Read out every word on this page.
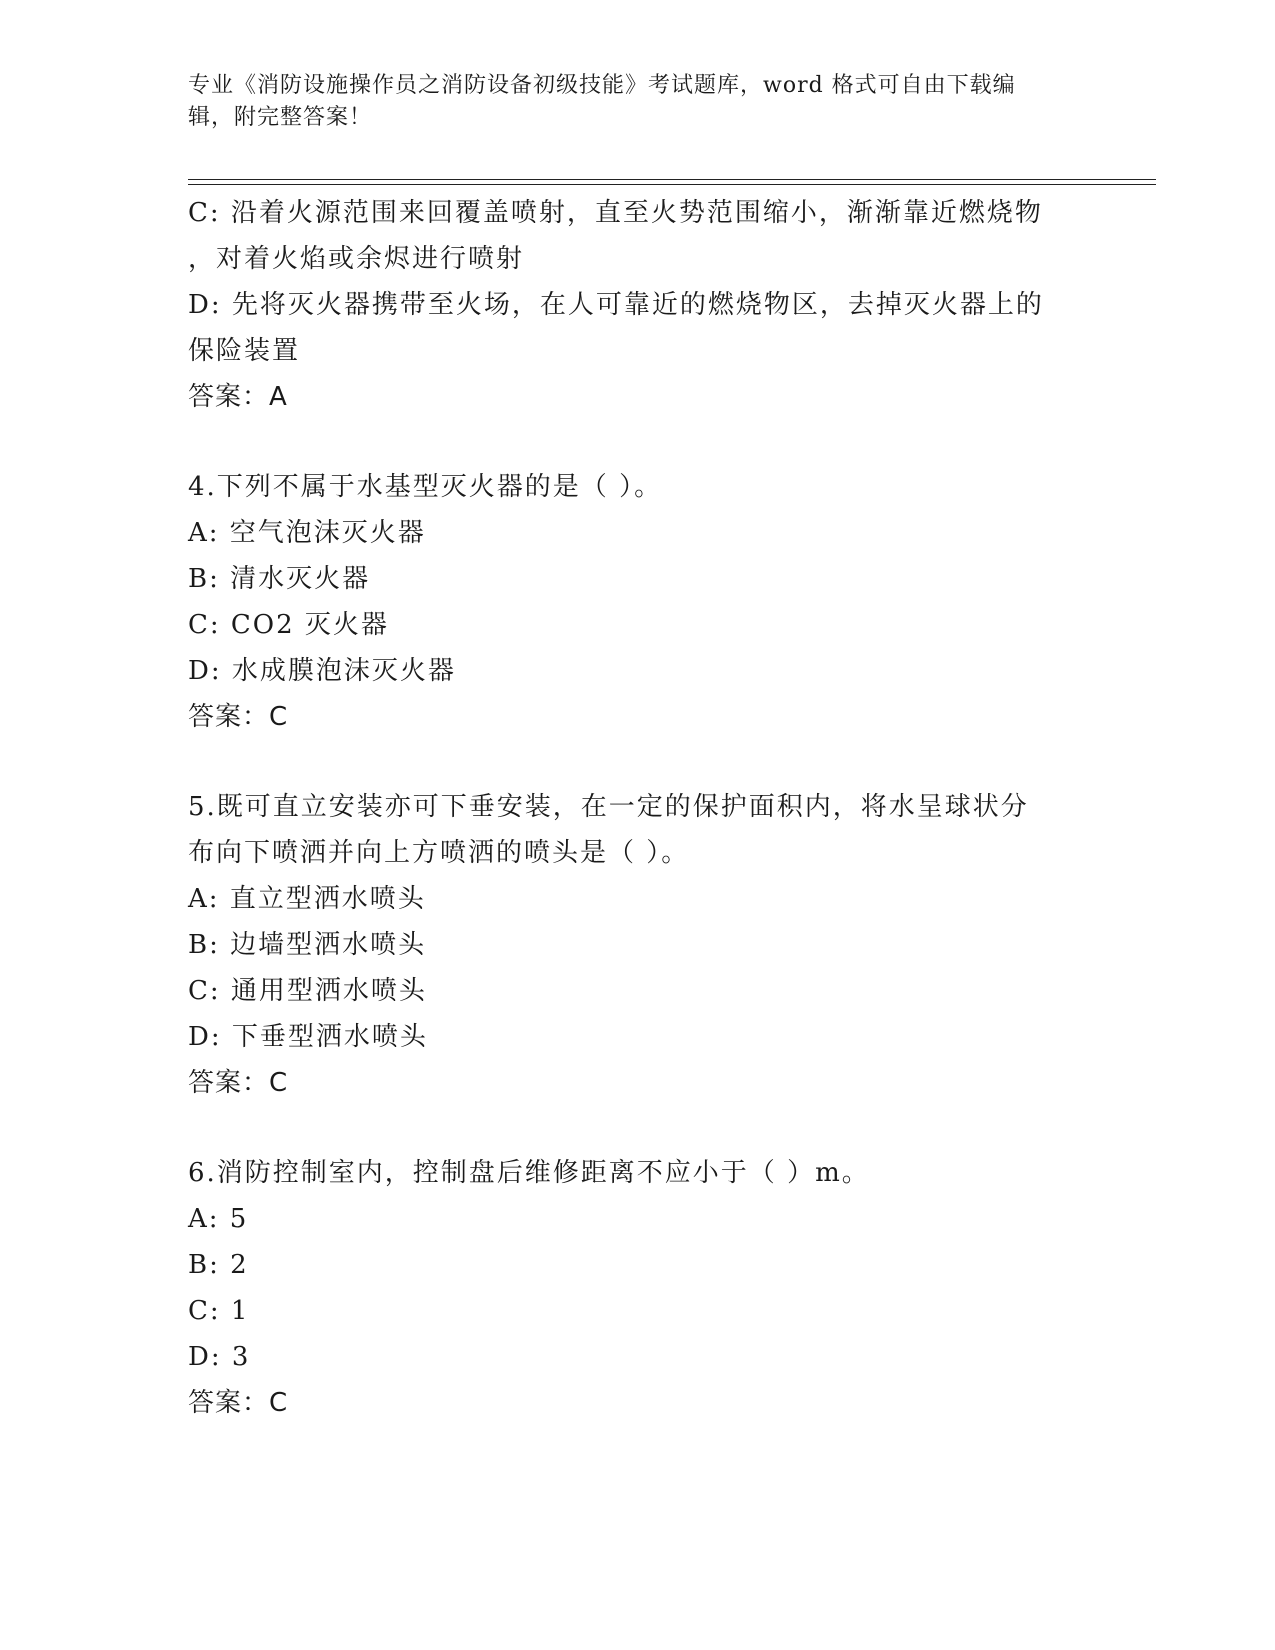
专业《消防设施操作员之消防设备初级技能》考试题库，word 格式可自由下载编
辑，附完整答案！
C: 沿着火源范围来回覆盖喷射，直至火势范围缩小，渐渐靠近燃烧物
，对着火焰或余烬进行喷射
D: 先将灭火器携带至火场，在人可靠近的燃烧物区，去掉灭火器上的
保险装置
答案：A
4.下列不属于水基型灭火器的是（ ）。
A: 空气泡沫灭火器
B: 清水灭火器
C: CO2 灭火器
D: 水成膜泡沫灭火器
答案：C
5.既可直立安装亦可下垂安装，在一定的保护面积内，将水呈球状分
布向下喷洒并向上方喷洒的喷头是（ ）。
A: 直立型洒水喷头
B: 边墙型洒水喷头
C: 通用型洒水喷头
D: 下垂型洒水喷头
答案：C
6.消防控制室内，控制盘后维修距离不应小于（ ）m。
A: 5
B: 2
C: 1
D: 3
答案：C
